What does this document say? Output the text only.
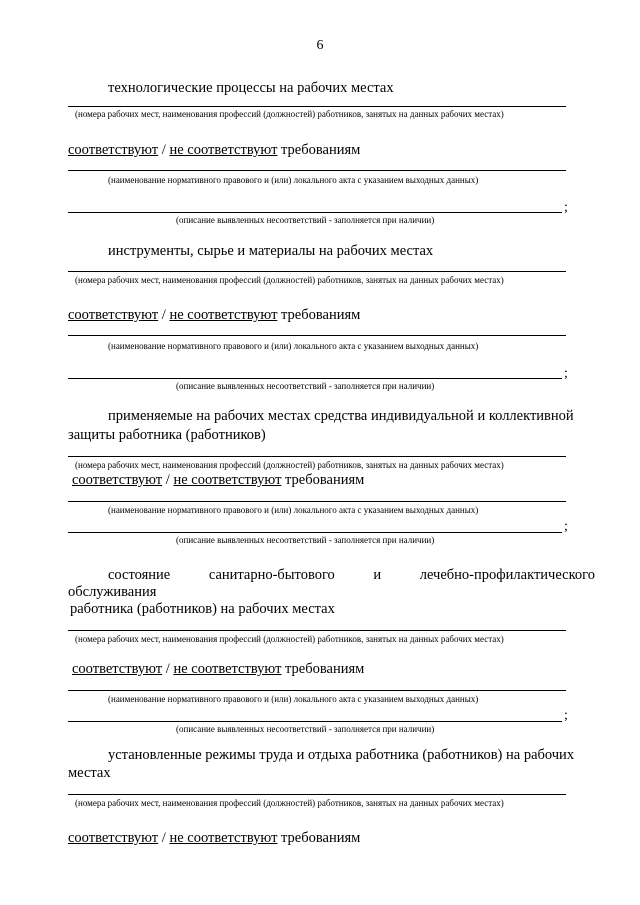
6
технологические процессы на рабочих местах
(номера рабочих мест, наименования профессий (должностей) работников, занятых на данных рабочих местах)
соответствуют / не соответствуют требованиям
(наименование нормативного правового и (или) локального акта с указанием выходных данных)
;
(описание выявленных несоответствий - заполняется при наличии)
инструменты, сырье и материалы на рабочих местах
(номера рабочих мест, наименования профессий (должностей) работников, занятых на данных рабочих местах)
соответствуют / не соответствуют требованиям
(наименование нормативного правового и (или) локального акта с указанием выходных данных)
;
(описание выявленных несоответствий - заполняется при наличии)
применяемые на рабочих местах средства индивидуальной и коллективной
защиты работника (работников)
(номера рабочих мест, наименования профессий (должностей) работников, занятых на данных рабочих местах)
соответствуют / не соответствуют требованиям
(наименование нормативного правового и (или) локального акта с указанием выходных данных)
;
(описание выявленных несоответствий - заполняется при наличии)
состояние	санитарно-бытового	и	лечебно-профилактического
обслуживания
работника (работников) на рабочих местах
(номера рабочих мест, наименования профессий (должностей) работников, занятых на данных рабочих местах)
соответствуют / не соответствуют требованиям
(наименование нормативного правового и (или) локального акта с указанием выходных данных)
;
(описание выявленных несоответствий - заполняется при наличии)
установленные режимы труда и отдыха работника (работников) на рабочих
местах
(номера рабочих мест, наименования профессий (должностей) работников, занятых на данных рабочих местах)
соответствуют / не соответствуют требованиям
